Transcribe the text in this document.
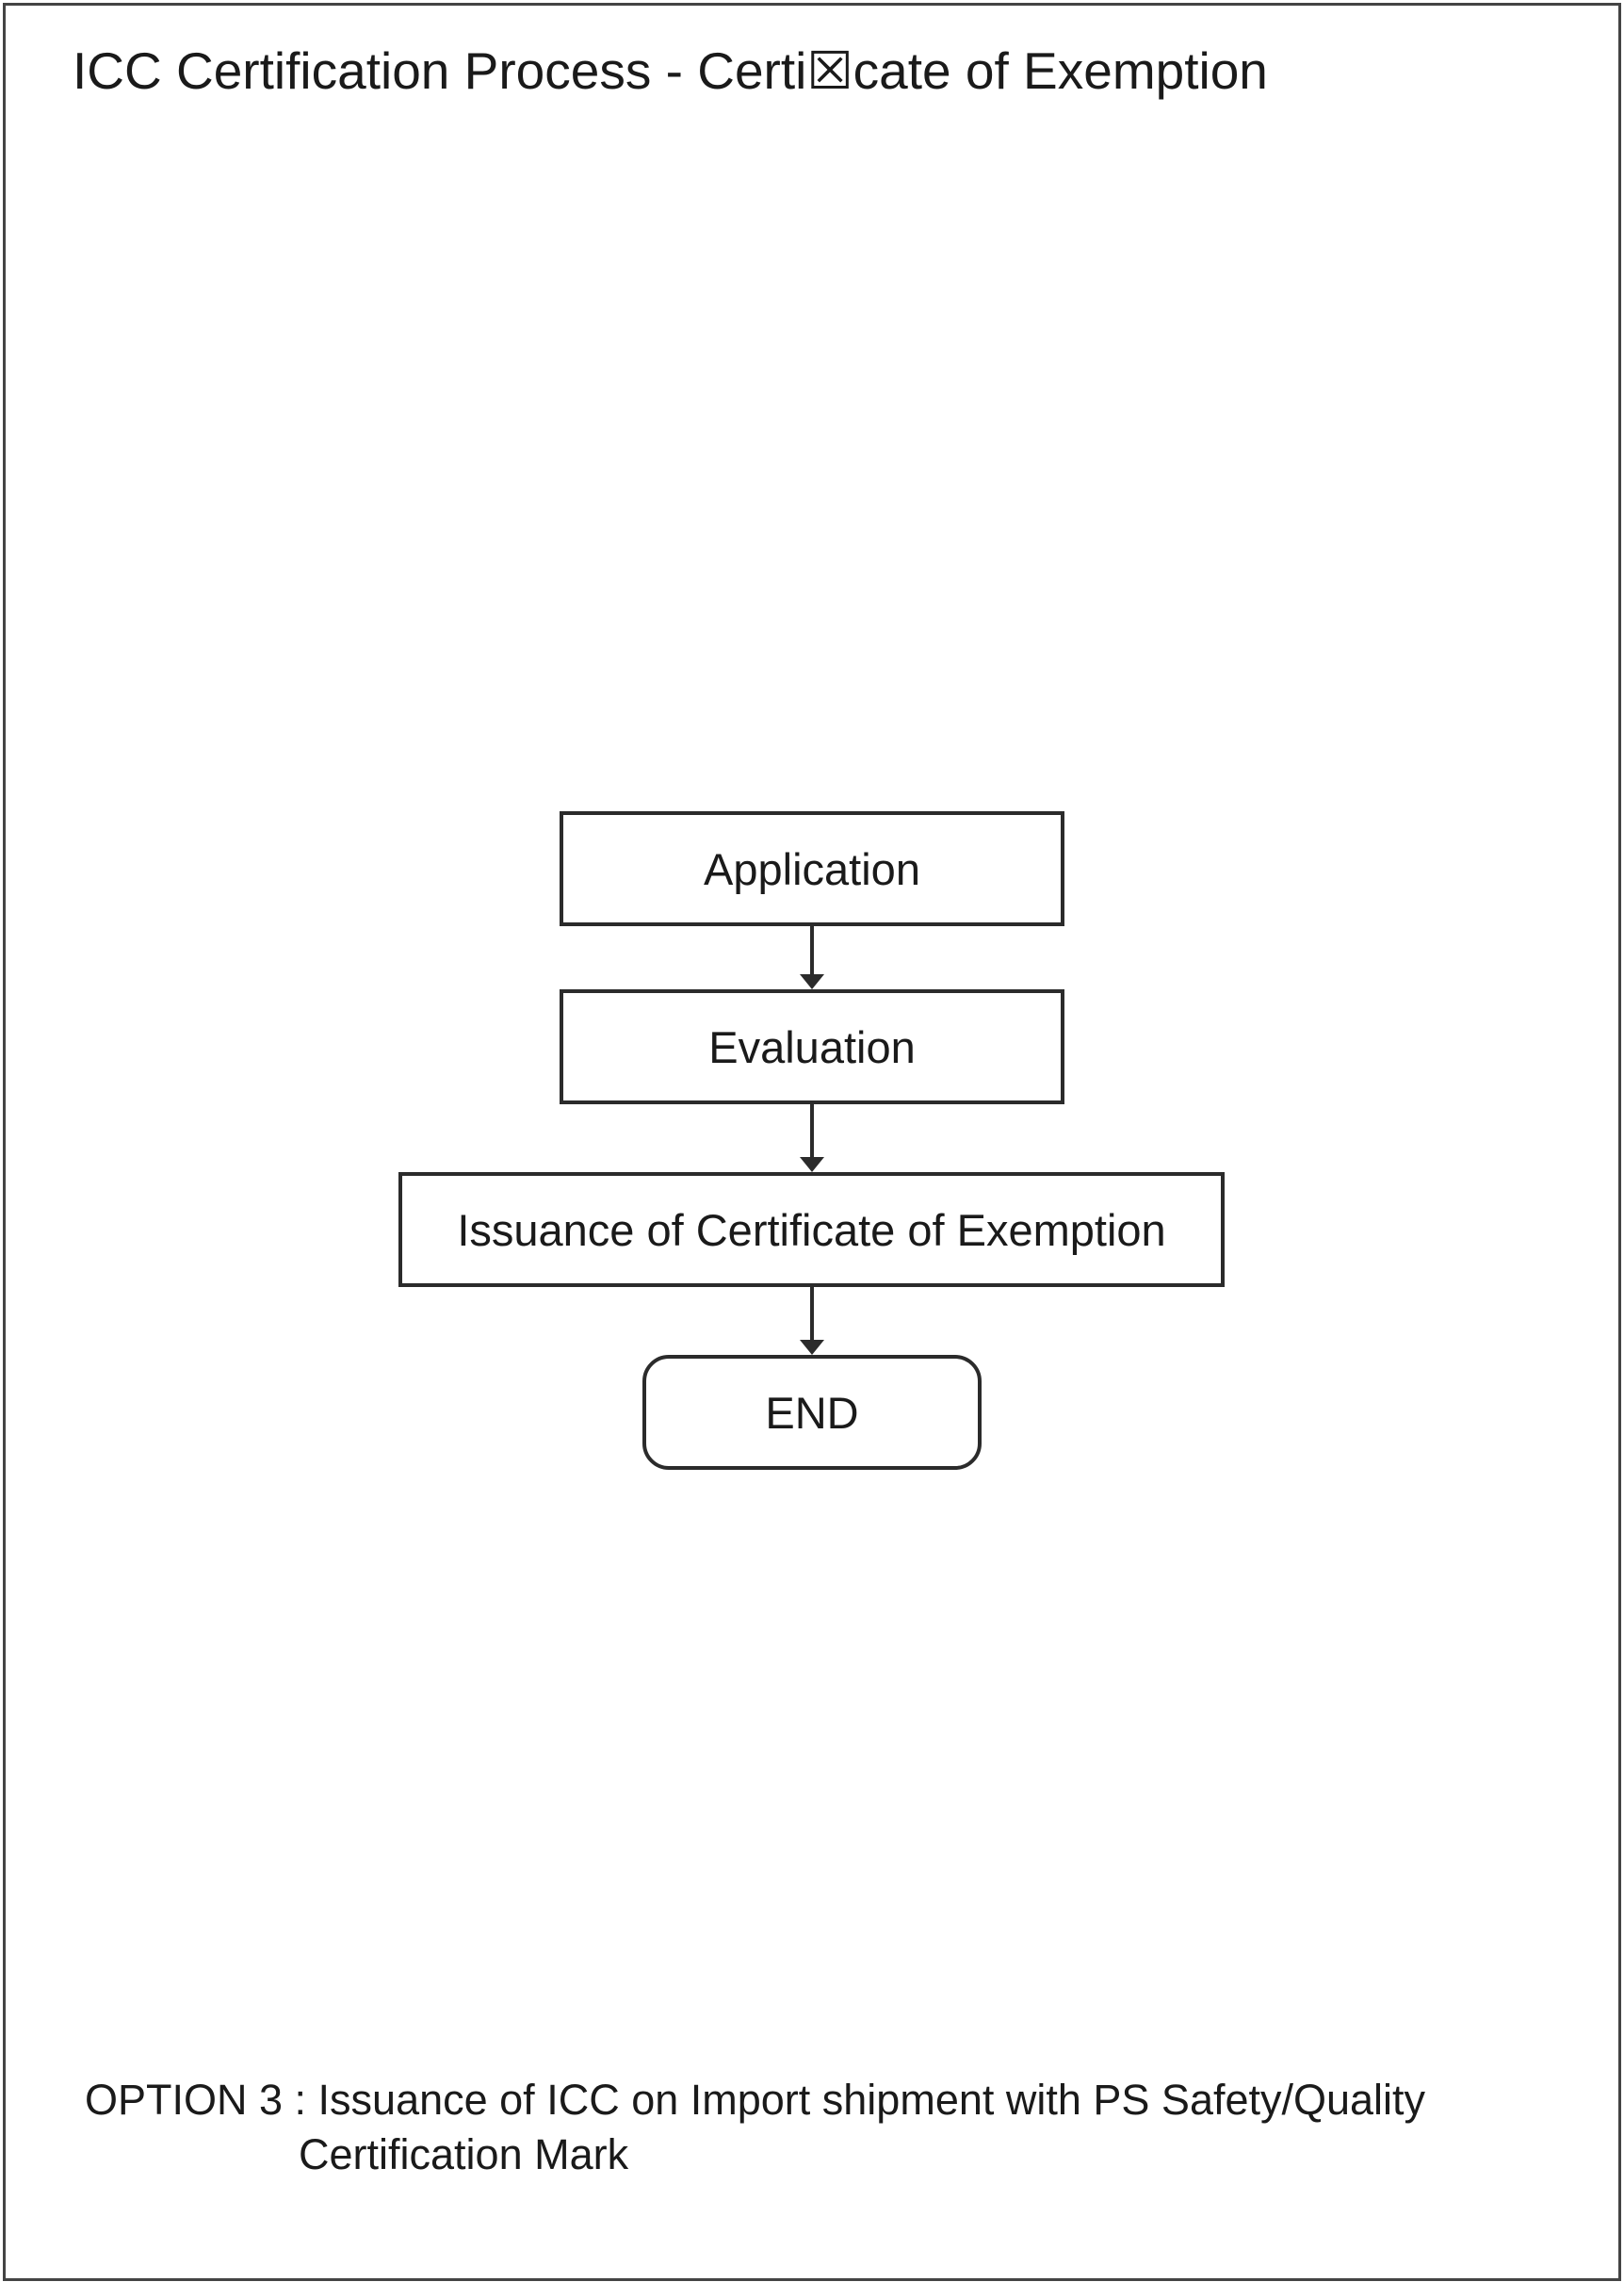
ICC Certification Process - Certi☒cate of Exemption
Application
Evaluation
Issuance of Certificate of Exemption
END
OPTION 3 : Issuance of ICC on Import shipment with PS Safety/Quality
Certification Mark
